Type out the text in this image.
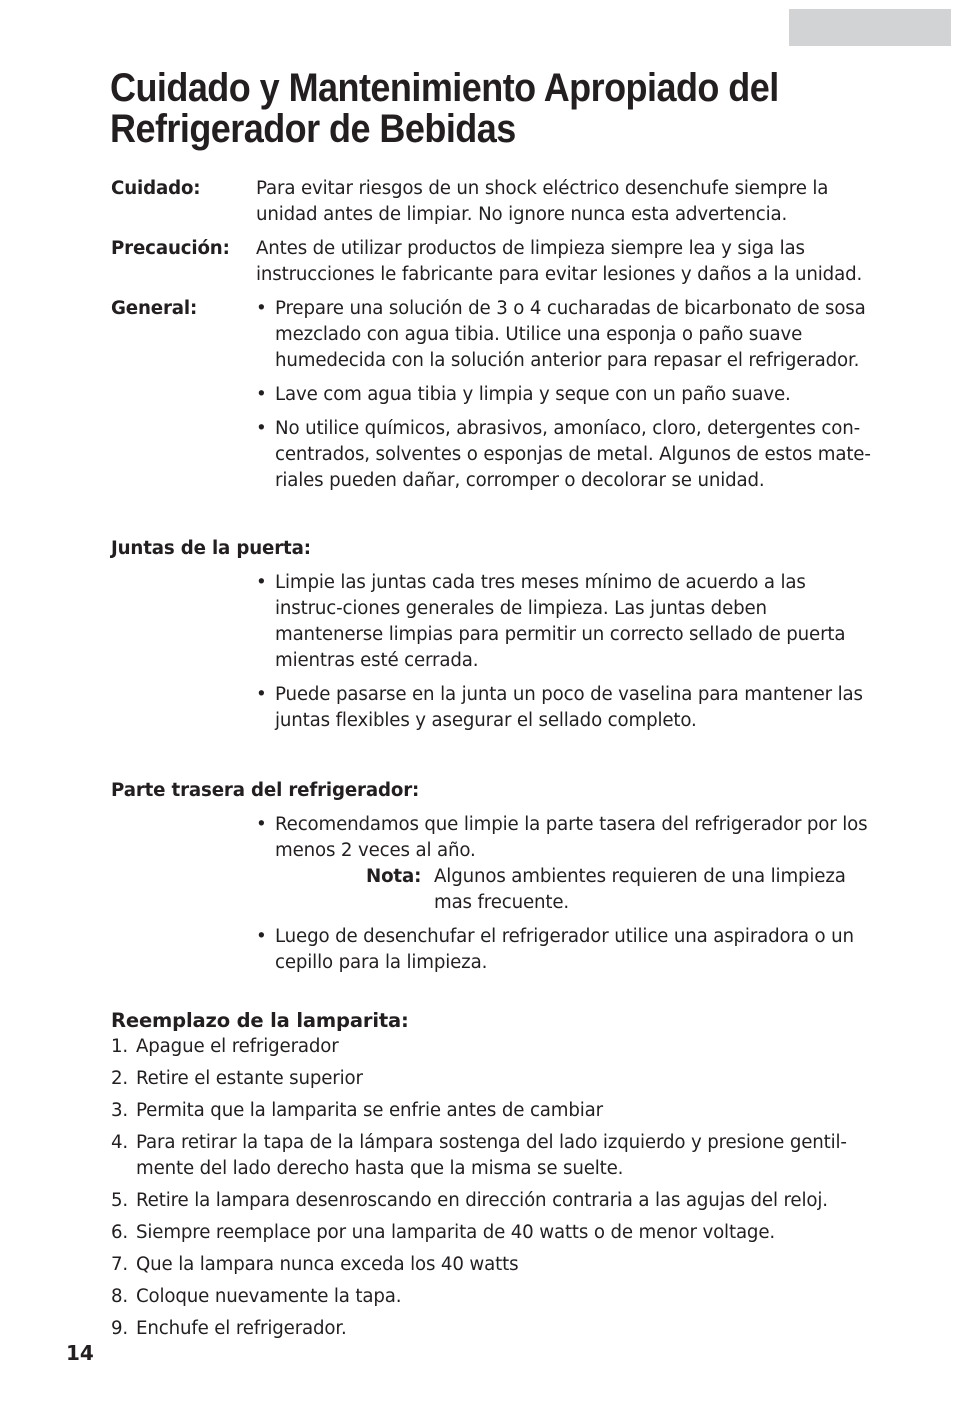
Cuidado y Mantenimiento Apropiado del
Refrigerador de Bebidas
Cuidado:	Para evitar riesgos de un shock eléctrico desenchufe siempre la unidad antes de limpiar. No ignore nunca esta advertencia.
Precaución:	Antes de utilizar productos de limpieza siempre lea y siga las instrucciones le fabricante para evitar lesiones y daños a la unidad.
General:	• Prepare una solución de 3 o 4 cucharadas de bicarbonato de sosa mezclado con agua tibia. Utilice una esponja o paño suave humedecida con la solución anterior para repasar el refrigerador.
• Lave com agua tibia y limpia y seque con un paño suave.
• No utilice químicos, abrasivos, amoníaco, cloro, detergentes con-centrados, solventes o esponjas de metal. Algunos de estos mate-riales pueden dañar, corromper o decolorar se unidad.
Juntas de la puerta:
• Limpie las juntas cada tres meses mínimo de acuerdo a las instruc-ciones generales de limpieza. Las juntas deben mantenerse limpias para permitir un correcto sellado de puerta mientras esté cerrada.
• Puede pasarse en la junta un poco de vaselina para mantener las juntas flexibles y asegurar el sellado completo.
Parte trasera del refrigerador:
• Recomendamos que limpie la parte tasera del refrigerador por los menos 2 veces al año.
Nota: Algunos ambientes requieren de una limpieza mas frecuente.
• Luego de desenchufar el refrigerador utilice una aspiradora o un cepillo para la limpieza.
Reemplazo de la lamparita:
1. Apague el refrigerador
2. Retire el estante superior
3. Permita que la lamparita se enfrie antes de cambiar
4. Para retirar la tapa de la lámpara sostenga del lado izquierdo y presione gentil-mente del lado derecho hasta que la misma se suelte.
5. Retire la lampara desenroscando en dirección contraria a las agujas del reloj.
6. Siempre reemplace por una lamparita de 40 watts o de menor voltage.
7. Que la lampara nunca exceda los 40 watts
8. Coloque nuevamente la tapa.
9. Enchufe el refrigerador.
14
